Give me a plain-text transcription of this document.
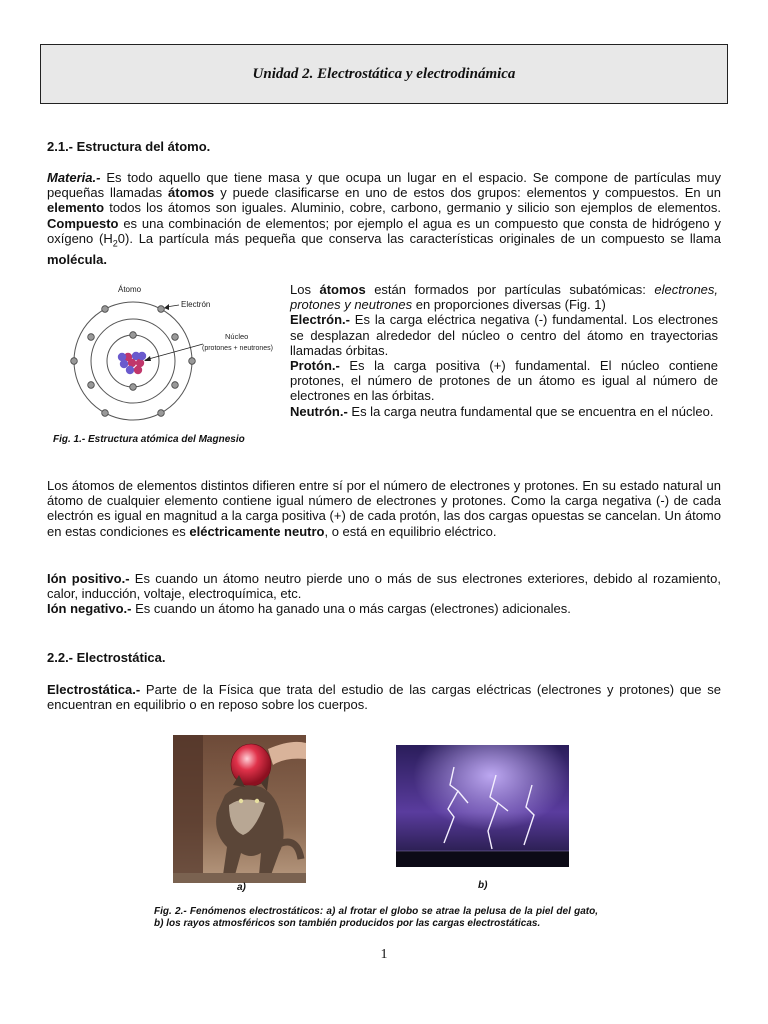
Unidad 2. Electrostática y electrodinámica
2.1.- Estructura del átomo.
Materia.- Es todo aquello que tiene masa y que ocupa un lugar en el espacio. Se compone de partículas muy pequeñas llamadas átomos y puede clasificarse en uno de estos dos grupos: elementos y compuestos. En un elemento todos los átomos son iguales. Aluminio, cobre, carbono, germanio y silicio son ejemplos de elementos. Compuesto es una combinación de elementos; por ejemplo el agua es un compuesto que consta de hidrógeno y oxígeno $(H_20)$. La partícula más pequeña que conserva las características originales de un compuesto se llama molécula.
Átomo
Electrón
Núcleo
(protones + neutrones)
Fig. 1.- Estructura atómica del Magnesio

Los átomos están formados por partículas subatómicas: electrones, protones y neutrones en proporciones diversas (Fig. 1)

Electrón.- Es la carga eléctrica negativa (-) fundamental. Los electrones se desplazan alrededor del núcleo o centro del átomo en trayectorias llamadas órbitas.

Protón.- Es la carga positiva (+) fundamental. El núcleo contiene protones, el número de protones de un átomo es igual al número de electrones en las órbitas.

Neutrón.- Es la carga neutra fundamental que se encuentra en el núcleo.

Los átomos de elementos distintos difieren entre sí por el número de electrones y protones. En su estado natural un átomo de cualquier elemento contiene igual número de electrones y protones. Como la carga negativa (-) de cada electrón es igual en magnitud a la carga positiva (+) de cada protón, las dos cargas opuestas se cancelan. Un átomo en estas condiciones es eléctricamente neutro, o está en equilibrio eléctrico.
Ión positivo.- Es cuando un átomo neutro pierde uno o más de sus electrones exteriores, debido al rozamiento, calor, inducción, voltaje, electroquímica, etc.
Ión negativo.- Es cuando un átomo ha ganado una o más cargas (electrones) adicionales.
2.2.- Electrostática.
Electrostática.- Parte de la Física que trata del estudio de las cargas eléctricas (electrones y protones) que se encuentran en equilibrio o en reposo sobre los cuerpos.
a)	b)
Fig. 2.- Fenómenos electrostáticos: a) al frotar el globo se atrae la pelusa de la piel del gato, b) los rayos atmosféricos son también producidos por las cargas electrostáticas.
1
